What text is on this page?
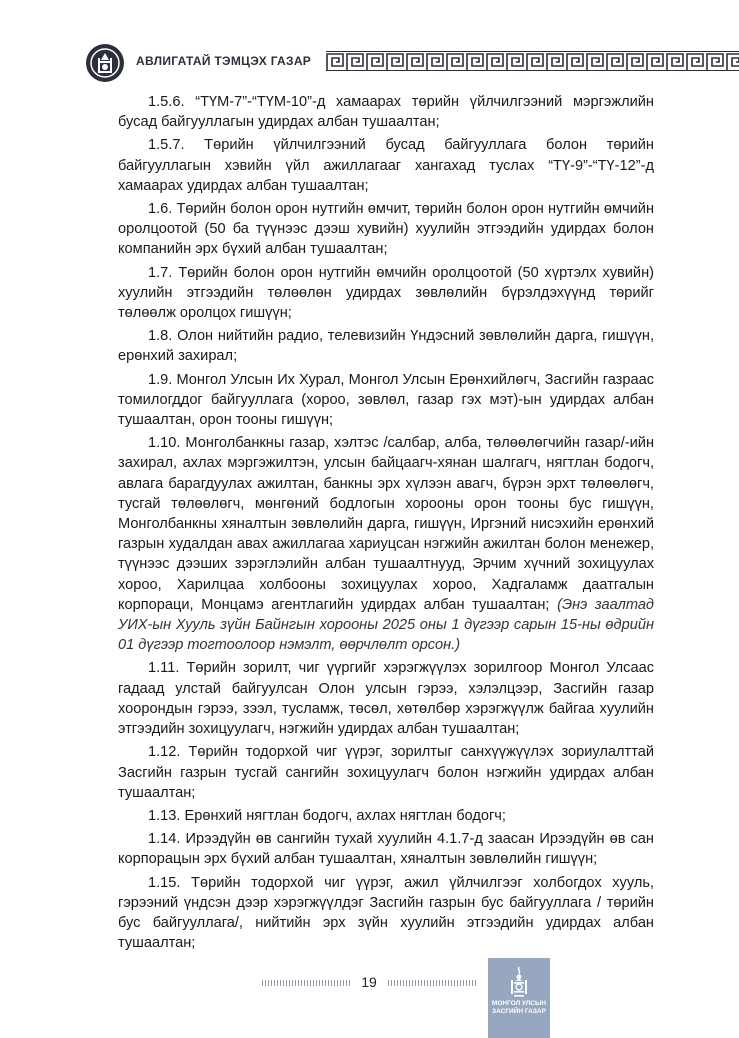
АВЛИГАТАЙ ТЭМЦЭХ ГАЗАР

1.5.6. “ТҮМ-7”-“ТҮМ-10”-д хамаарах төрийн үйлчилгээний мэргэжлийн бусад байгууллагын удирдах албан тушаалтан;

1.5.7. Төрийн үйлчилгээний бусад байгууллага болон төрийн байгууллагын хэвийн үйл ажиллагааг хангахад туслах “ТҮ-9”-“ТҮ-12”-д хамаарах удирдах албан тушаалтан;

1.6. Төрийн болон орон нутгийн өмчит, төрийн болон орон нутгийн өмчийн оролцоотой (50 ба түүнээс дээш хувийн) хуулийн этгээдийн удирдах болон компанийн эрх бүхий албан тушаалтан;

1.7. Төрийн болон орон нутгийн өмчийн оролцоотой (50 хүртэлх хувийн) хуулийн этгээдийн төлөөлөн удирдах зөвлөлийн бүрэлдэхүүнд төрийг төлөөлж оролцох гишүүн;

1.8. Олон нийтийн радио, телевизийн Үндэсний зөвлөлийн дарга, гишүүн, ерөнхий захирал;

1.9. Монгол Улсын Их Хурал, Монгол Улсын Ерөнхийлөгч, Засгийн газраас томилогддог байгууллага (хороо, зөвлөл, газар гэх мэт)-ын удирдах албан тушаалтан, орон тооны гишүүн;

1.10. Монголбанкны газар, хэлтэс /салбар, алба, төлөөлөгчийн газар/-ийн захирал, ахлах мэргэжилтэн, улсын байцаагч-хянан шалгагч, нягтлан бодогч, авлага барагдуулах ажилтан, банкны эрх хүлээн авагч, бүрэн эрхт төлөөлөгч, тусгай төлөөлөгч, мөнгөний бодлогын хорооны орон тооны бус гишүүн, Монголбанкны хяналтын зөвлөлийн дарга, гишүүн, Иргэний нисэхийн ерөнхий газрын худалдан авах ажиллагаа хариуцсан нэгжийн ажилтан болон менежер, түүнээс дээших зэрэглэлийн албан тушаалтнууд, Эрчим хүчний зохицуулах хороо, Харилцаа холбооны зохицуулах хороо, Хадгаламж даатгалын корпораци, Монцамэ агентлагийн удирдах албан тушаалтан; (Энэ заалтад УИХ-ын Хууль зүйн Байнгын хорооны 2025 оны 1 дүгээр сарын 15-ны өдрийн 01 дүгээр тогтоолоор нэмэлт, өөрчлөлт орсон.)

1.11. Төрийн зорилт, чиг үүргийг хэрэгжүүлэх зорилгоор Монгол Улсаас гадаад улстай байгуулсан Олон улсын гэрээ, хэлэлцээр, Засгийн газар хоорондын гэрээ, зээл, тусламж, төсөл, хөтөлбөр хэрэгжүүлж байгаа хуулийн этгээдийн зохицуулагч, нэгжийн удирдах албан тушаалтан;

1.12. Төрийн тодорхой чиг үүрэг, зорилтыг санхүүжүүлэх зориулалттай Засгийн газрын тусгай сангийн зохицуулагч болон нэгжийн удирдах албан тушаалтан;

1.13. Ерөнхий нягтлан бодогч, ахлах нягтлан бодогч;

1.14. Ирээдүйн өв сангийн тухай хуулийн 4.1.7-д заасан Ирээдүйн өв сан корпорацын эрх бүхий албан тушаалтан, хяналтын зөвлөлийн гишүүн;

1.15. Төрийн тодорхой чиг үүрэг, ажил үйлчилгээг холбогдох хууль, гэрээний үндсэн дээр хэрэгжүүлдэг Засгийн газрын бус байгууллага / төрийн бус байгууллага/, нийтийн эрх зүйн хуулийн этгээдийн удирдах албан тушаалтан;

19
МОНГОЛ УЛСЫН
ЗАСГИЙН ГАЗАР
